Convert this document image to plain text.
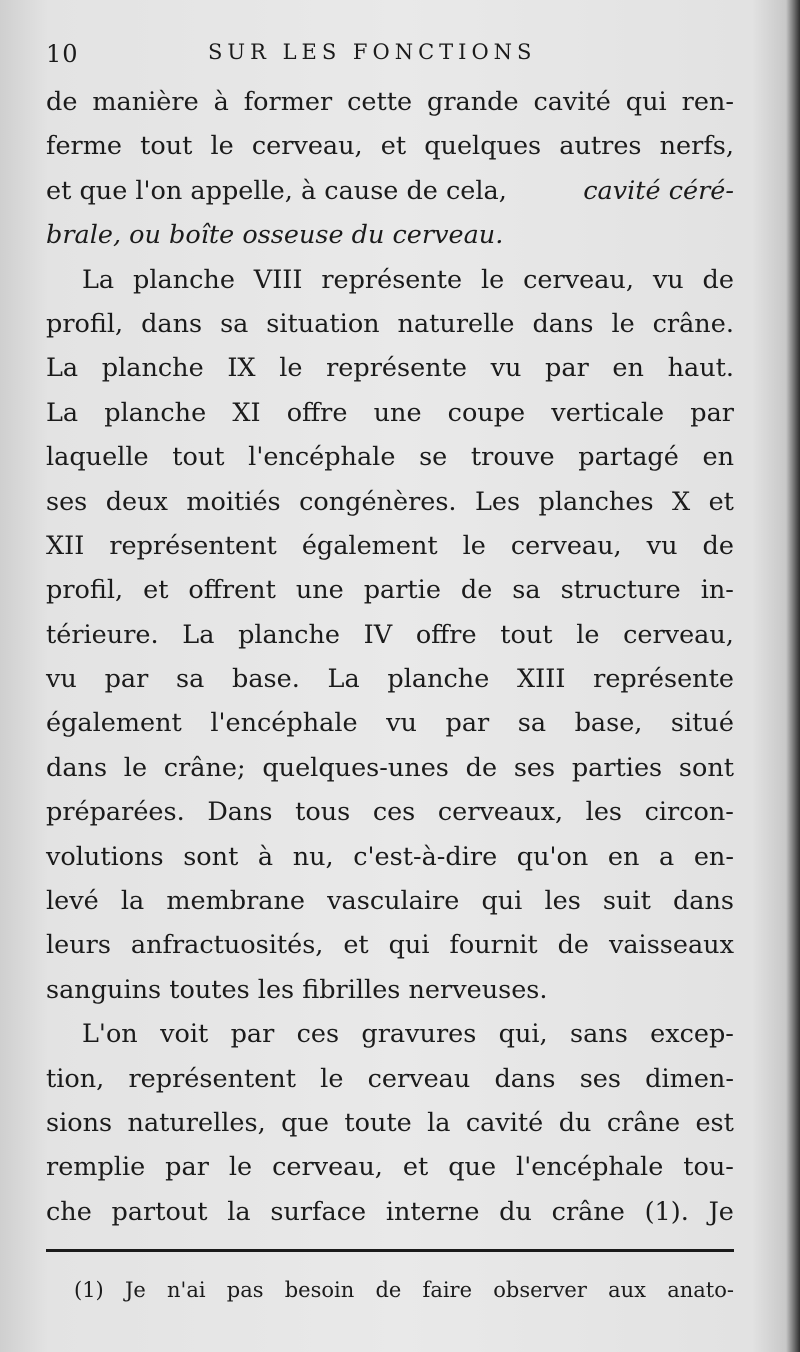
10	SUR LES FONCTIONS
de manière à former cette grande cavité qui ren-
ferme tout le cerveau, et quelques autres nerfs,
et que l'on appelle, à cause de cela,	cavité céré-
brale, ou boîte osseuse du cerveau.
La planche VIII représente le cerveau, vu de
profil, dans sa situation naturelle dans le crâne.
La planche IX le représente vu par en haut.
La planche XI offre une coupe verticale par
laquelle tout l'encéphale se trouve partagé en
ses deux moitiés congénères. Les planches X et
XII représentent également le cerveau, vu de
profil, et offrent une partie de sa structure in-
térieure. La planche IV offre tout le cerveau,
vu par sa base. La planche XIII représente
également l'encéphale vu par sa base, situé
dans le crâne; quelques-unes de ses parties sont
préparées. Dans tous ces cerveaux, les circon-
volutions sont à nu, c'est-à-dire qu'on en a en-
levé la membrane vasculaire qui les suit dans
leurs anfractuosités, et qui fournit de vaisseaux
sanguins toutes les fibrilles nerveuses.
L'on voit par ces gravures qui, sans excep-
tion, représentent le cerveau dans ses dimen-
sions naturelles, que toute la cavité du crâne est
remplie par le cerveau, et que l'encéphale tou-
che partout la surface interne du crâne (1). Je
(1) Je n'ai pas besoin de faire observer aux anato-
